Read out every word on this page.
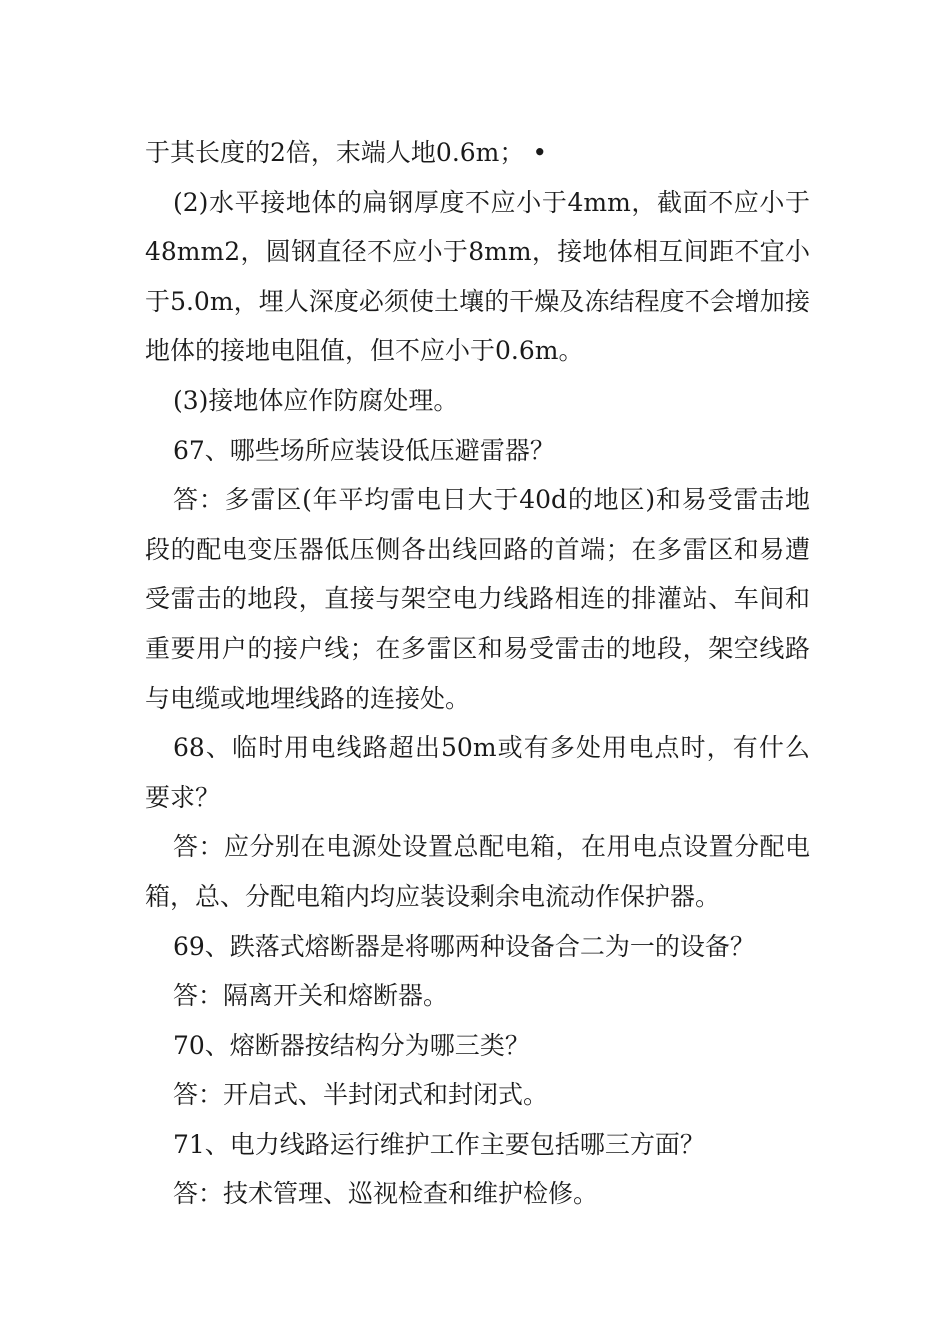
于其长度的2倍，末端人地0.6m； •

(2)水平接地体的扁钢厚度不应小于4mm，截面不应小于48mm2，圆钢直径不应小于8mm，接地体相互间距不宜小于5.0m，埋人深度必须使土壤的干燥及冻结程度不会增加接地体的接地电阻值，但不应小于0.6m。

(3)接地体应作防腐处理。

67、哪些场所应装设低压避雷器？

答：多雷区(年平均雷电日大于40d的地区)和易受雷击地段的配电变压器低压侧各出线回路的首端；在多雷区和易遭受雷击的地段，直接与架空电力线路相连的排灌站、车间和重要用户的接户线；在多雷区和易受雷击的地段，架空线路与电缆或地埋线路的连接处。

68、临时用电线路超出50m或有多处用电点时，有什么要求？

答：应分别在电源处设置总配电箱，在用电点设置分配电箱，总、分配电箱内均应装设剩余电流动作保护器。

69、跌落式熔断器是将哪两种设备合二为一的设备？

答：隔离开关和熔断器。

70、熔断器按结构分为哪三类？

答：开启式、半封闭式和封闭式。

71、电力线路运行维护工作主要包括哪三方面？

答：技术管理、巡视检查和维护检修。
